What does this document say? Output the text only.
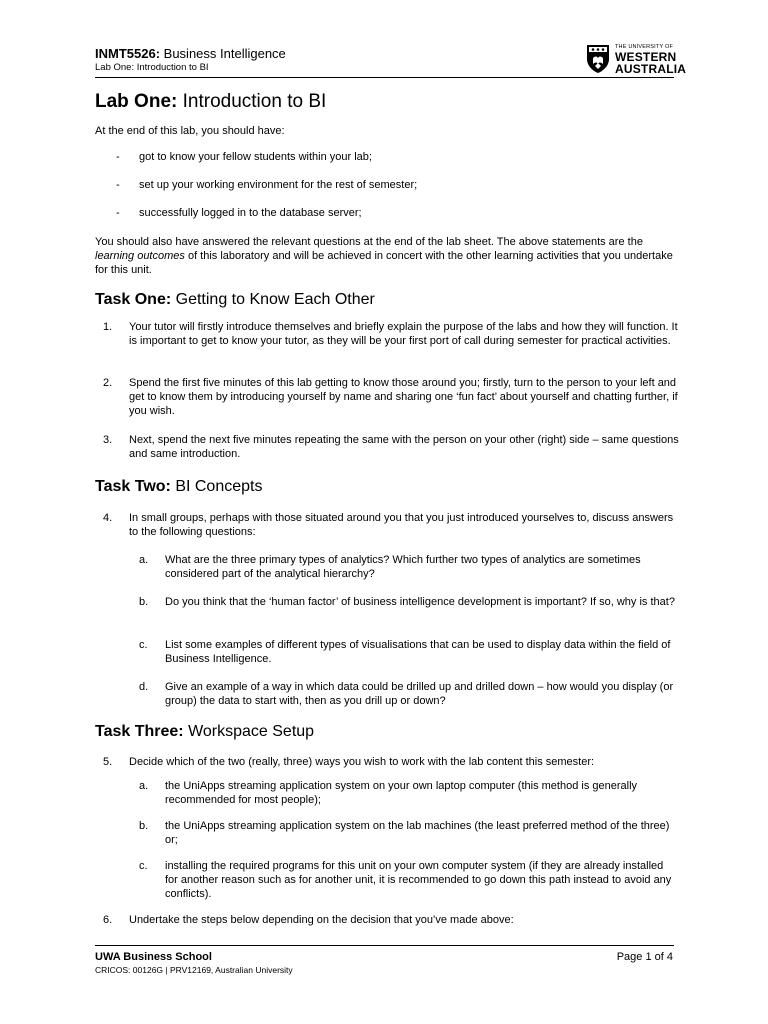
INMT5526: Business Intelligence
Lab One: Introduction to BI
THE UNIVERSITY OF
WESTERN
AUSTRALIA
Lab One: Introduction to BI
At the end of this lab, you should have:
- got to know your fellow students within your lab;
- set up your working environment for the rest of semester;
- successfully logged in to the database server;
You should also have answered the relevant questions at the end of the lab sheet. The above statements are the learning outcomes of this laboratory and will be achieved in concert with the other learning activities that you undertake for this unit.
Task One: Getting to Know Each Other
1. Your tutor will firstly introduce themselves and briefly explain the purpose of the labs and how they will function. It is important to get to know your tutor, as they will be your first port of call during semester for practical activities.
2. Spend the first five minutes of this lab getting to know those around you; firstly, turn to the person to your left and get to know them by introducing yourself by name and sharing one ‘fun fact’ about yourself and chatting further, if you wish.
3. Next, spend the next five minutes repeating the same with the person on your other (right) side – same questions and same introduction.
Task Two: BI Concepts
4. In small groups, perhaps with those situated around you that you just introduced yourselves to, discuss answers to the following questions:
a. What are the three primary types of analytics? Which further two types of analytics are sometimes considered part of the analytical hierarchy?
b. Do you think that the ‘human factor’ of business intelligence development is important? If so, why is that?
c. List some examples of different types of visualisations that can be used to display data within the field of Business Intelligence.
d. Give an example of a way in which data could be drilled up and drilled down – how would you display (or group) the data to start with, then as you drill up or down?
Task Three: Workspace Setup
5. Decide which of the two (really, three) ways you wish to work with the lab content this semester:
a. the UniApps streaming application system on your own laptop computer (this method is generally recommended for most people);
b. the UniApps streaming application system on the lab machines (the least preferred method of the three) or;
c. installing the required programs for this unit on your own computer system (if they are already installed for another reason such as for another unit, it is recommended to go down this path instead to avoid any conflicts).
6. Undertake the steps below depending on the decision that you’ve made above:
UWA Business School
CRICOS: 00126G | PRV12169, Australian University
Page 1 of 4
